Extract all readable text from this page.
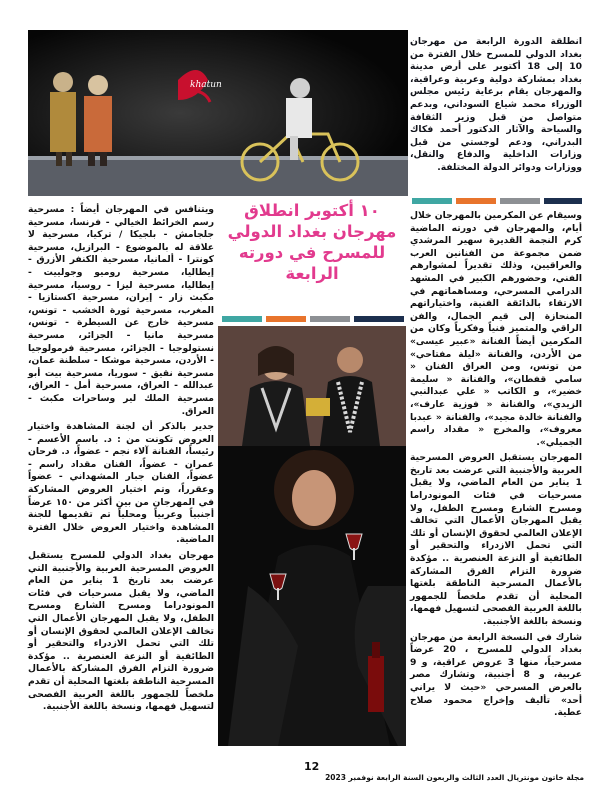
khatun

انطلقة الدورة الرابعة من مهرجان بغداد الدولي للمسرح خلال الفترة من 10 إلى 18 أكتوبر على أرض مدينة بغداد بمشاركة دولية وعربية وعراقية، والمهرجان يقام برعاية رئيس مجلس الوزراء محمد شياع السوداني، وبدعم متواصل من قبل وزير الثقافة والسياحة والآثار الدكتور أحمد فكاك البدراني، ودعم لوجستي من قبل وزارات الداخلية والدفاع والنقل، ووزارات ودوائر الدولة المختلفة.

١٠ أكتوبر انطلاق مهرجان بغداد الدولي للمسرح في دورته الرابعة

وسيقام عن المكرمين بالمهرجان خلال أيام، والمهرجان في دورته الماضية كرم النجمة القديرة سهير المرشدي ضمن مجموعة من الفنانين العرب والعراقيين، وذلك تقديراً لمشوارهم الفني، وحضورهم الكبير في المشهد الدرامي المسرحي، ومساهماتهم في الارتقاء بالذائقة الفنية، واختياراتهم المنحازة إلى قيم الجمال، والفن الراقي والمتميز فنياً وفكرياً وكان من المكرمين أيضاً الفنانة «عبير عيسى» من الأردن، والفنانة «ليلة مفتاحي» من تونس، ومن العراق الفنان « سامي قفطان»، والفنانة « سليمة خضير»، و الكاتب « علي عبدالنبي الزيدي»، والفنانة « فوزية عارف»، والفنانة خالدة مجيد»، والفنانة « عبدبا معروف»، والمخرج « مقداد راسم الجميلي».

المهرجان يستقبل العروض المسرحية العربية والأجنبية التي عرضت بعد تاريخ 1 يناير من العام الماضي، ولا يقبل مسرحيات في فئات المونودراما ومسرح الشارع ومسرح الطفل، ولا يقبل المهرجان الأعمال التي تخالف الإعلان العالمي لحقوق الإنسان أو تلك التي تحمل الازدراء والتحقير أو الطائفية أو النزعة العنصرية .. مؤكدة ضرورة التزام الفرق المشاركة بالأعمال المسرحية الناطقة بلغتها المحلية أن تقدم ملخصاً للجمهور باللغة العربية الفصحى لتسهيل فهمها، ونسخة باللغة الأجنبية.

شارك في النسخة الرابعة من مهرجان بغداد الدولي للمسرح ، 20 عرضاً مسرحياً، منها 3 عروض عراقية، و 9 عربية، و 8 أجنبية، وتشارك مصر بالعرض المسرحي «حيث لا يراني أحد» تأليف وإخراج محمود صلاح عطية.

ويتنافس في المهرجان أيضاً : مسرحية رسم الخرائط الخيالي - فرنسا، مسرحية جلجامش - بلجيكا / تركيا، مسرحية لا علاقة له بالموضوع - البرازيل، مسرحية كونترا - ألمانيا، مسرحية الكنفر الأزرق - إيطاليا، مسرحية روميو وجولييت - إيطاليا، مسرحية ليزا - روسيا، مسرحية مكبث زار - إيران، مسرحية اكستازيا - المغرب، مسرحية ثورة الخشب - تونس، مسرحية خارج عن السيطرة - تونس، مسرحية مانيا - الجزائر، مسرحية نستولوجيا - الجزائر، مسرحية فرمولوجيا - الأردن، مسرحية موشكا - سلطنة عمان، مسرحية نقيق - سوريا، مسرحية بيت أبو عبدالله - العراق، مسرحية أمل - العراق، مسرحية الملك لير وساحرات مكبث - العراق.

جدير بالذكر أن لجنة المشاهدة واختيار العروض تكونت من : د. باسم الأعسم - رئيساً، الفنانة آلاء نجم - عضواً، د. فرحان عمران - عضواً، الفنان مقداد راسم - عضواً، الفنان جبار المشهداني - عضواً وعقرراً، وتم اختيار العروض المشاركة في المهرجان من بين أكثر من ١٥٠ عرضاً أجنبياً وعربياً ومحلياً تم تقديمها للجنة المشاهدة واختيار العروض خلال الفترة الماضية.

مهرجان بغداد الدولي للمسرح يستقبل العروض المسرحية العربية والأجنبية التي عرضت بعد تاريخ 1 يناير من العام الماضي، ولا يقبل مسرحيات في فئات المونودراما ومسرح الشارع ومسرح الطفل، ولا يقبل المهرجان الأعمال التي تخالف الإعلان العالمي لحقوق الإنسان أو تلك التي تحمل الازدراء والتحقير أو الطائفية أو النزعة العنصرية .. مؤكدة ضرورة التزام الفرق المشاركة بالأعمال المسرحية الناطقة بلغتها المحلية أن تقدم ملخصاً للجمهور باللغة العربية الفصحى لتسهيل فهمها، ونسخة باللغة الأجنبية.

12
مجلة خاتون مونتريال العدد الثالث والربعون السنة الرابعة نوفمبر 2023
